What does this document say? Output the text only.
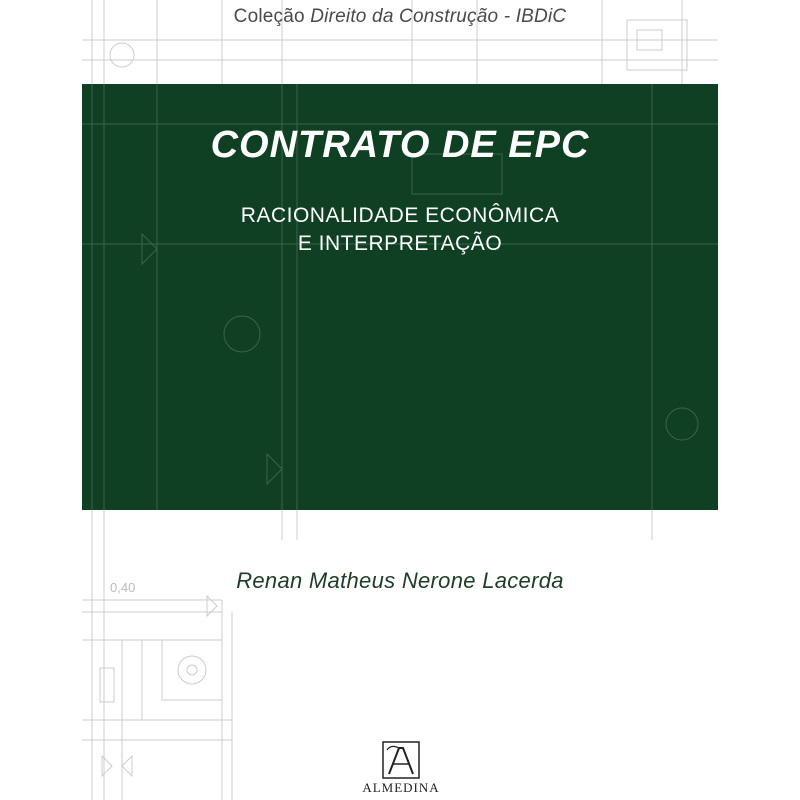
0,40
Coleção Direito da Construção - IBDiC
CONTRATO DE EPC
RACIONALIDADE ECONÔMICA
E INTERPRETAÇÃO
Renan Matheus Nerone Lacerda
ALMEDINA
